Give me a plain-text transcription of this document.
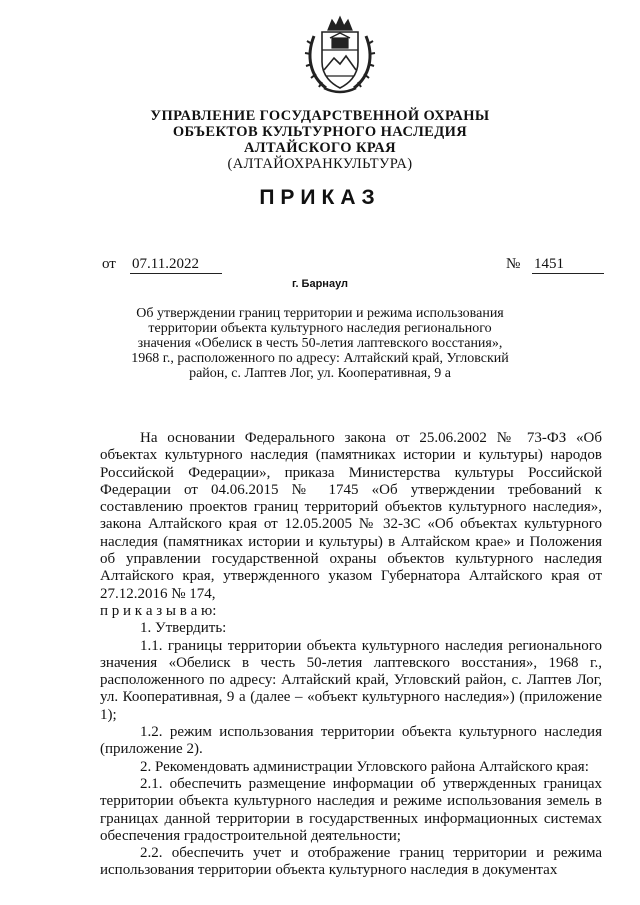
УПРАВЛЕНИЕ ГОСУДАРСТВЕННОЙ ОХРАНЫ
ОБЪЕКТОВ КУЛЬТУРНОГО НАСЛЕДИЯ
АЛТАЙСКОГО КРАЯ
(АЛТАЙОХРАНКУЛЬТУРА)
ПРИКАЗ
от 07.11.2022	№ 1451
г. Барнаул
Об утверждении границ территории и режима использования
территории объекта культурного наследия регионального
значения «Обелиск в честь 50-летия лаптевского восстания»,
1968 г., расположенного по адресу: Алтайский край, Угловский
район, с. Лаптев Лог, ул. Кооперативная, 9 а

На основании Федерального закона от 25.06.2002 № 73-ФЗ «Об объектах культурного наследия (памятниках истории и культуры) народов Российской Федерации», приказа Министерства культуры Российской Федерации от 04.06.2015 № 1745 «Об утверждении требований к составлению проектов границ территорий объектов культурного наследия», закона Алтайского края от 12.05.2005 № 32-ЗС «Об объектах культурного наследия (памятниках истории и культуры) в Алтайском крае» и Положения об управлении государственной охраны объектов культурного наследия Алтайского края, утвержденного указом Губернатора Алтайского края от 27.12.2016 № 174,

п р и к а з ы в а ю:

1. Утвердить:

1.1. границы территории объекта культурного наследия регионального значения «Обелиск в честь 50-летия лаптевского восстания», 1968 г., расположенного по адресу: Алтайский край, Угловский район, с. Лаптев Лог, ул. Кооперативная, 9 а (далее – «объект культурного наследия») (приложение 1);

1.2. режим использования территории объекта культурного наследия (приложение 2).

2. Рекомендовать администрации Угловского района Алтайского края:

2.1. обеспечить размещение информации об утвержденных границах территории объекта культурного наследия и режиме использования земель в границах данной территории в государственных информационных системах обеспечения градостроительной деятельности;

2.2. обеспечить учет и отображение границ территории и режима использования территории объекта культурного наследия в документах
